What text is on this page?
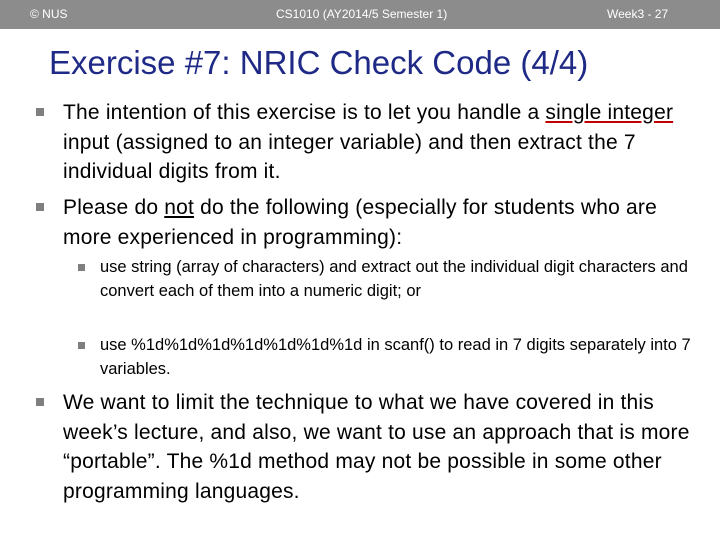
© NUS	CS1010 (AY2014/5 Semester 1)	Week3 - 27
Exercise #7: NRIC Check Code (4/4)
The intention of this exercise is to let you handle a single integer input (assigned to an integer variable) and then extract the 7 individual digits from it.
Please do not do the following (especially for students who are more experienced in programming):
use string (array of characters) and extract out the individual digit characters and convert each of them into a numeric digit; or
use %1d%1d%1d%1d%1d%1d%1d in scanf() to read in 7 digits separately into 7 variables.
We want to limit the technique to what we have covered in this week’s lecture, and also, we want to use an approach that is more “portable”. The %1d method may not be possible in some other programming languages.
